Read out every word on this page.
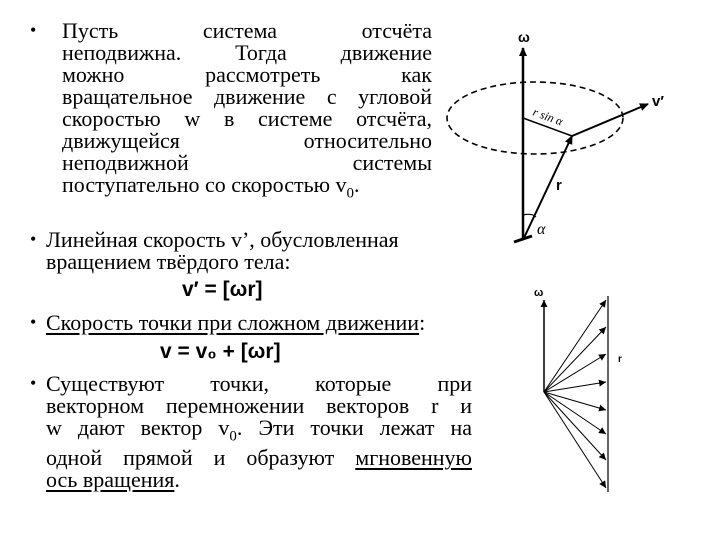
• Пусть система отсчёта
неподвижна. Тогда движение
можно рассмотреть как
вращательное движение с угловой
скоростью w в системе отсчёта,
движущейся относительно
неподвижной системы
поступательно со скоростью $v_0$.
• Линейная скорость v’, обусловленная
вращением твёрдого тела:
v′ = [ωr]
• Скорость точки при сложном движении:
v = v₀ + [ωr]
• Существуют точки, которые при
векторном перемножении векторов r и
w дают вектор $v_0$. Эти точки лежат на
одной прямой и образуют мгновенную
ось вращения.
ω
r
r sin α
v′
α
ω
r
